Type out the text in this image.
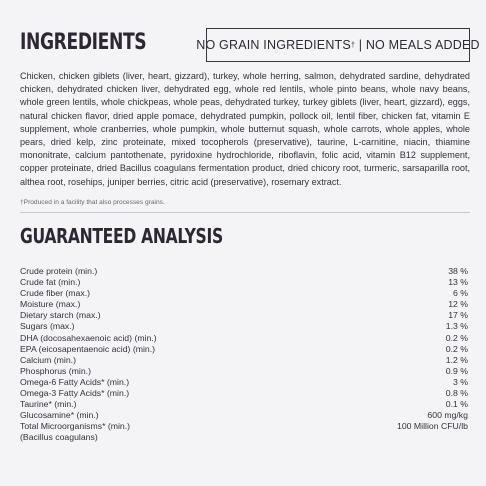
INGREDIENTS	NO GRAIN INGREDIENTS † | NO MEALS ADDED
Chicken, chicken giblets (liver, heart, gizzard), turkey, whole herring, salmon, dehydrated sardine, dehydrated chicken, dehydrated chicken liver, dehydrated egg, whole red lentils, whole pinto beans, whole navy beans, whole green lentils, whole chickpeas, whole peas, dehydrated turkey, turkey giblets (liver, heart, gizzard), eggs, natural chicken flavor, dried apple pomace, dehydrated pumpkin, pollock oil, lentil fiber, chicken fat, vitamin E supplement, whole cranberries, whole pumpkin, whole butternut squash, whole carrots, whole apples, whole pears, dried kelp, zinc proteinate, mixed tocopherols (preservative), taurine, L-carnitine, niacin, thiamine mononitrate, calcium pantothenate, pyridoxine hydrochloride, riboflavin, folic acid, vitamin B12 supplement, copper proteinate, dried Bacillus coagulans fermentation product, dried chicory root, turmeric, sarsaparilla root, althea root, rosehips, juniper berries, citric acid (preservative), rosemary extract.
†Produced in a facility that also processes grains.
GUARANTEED ANALYSIS
Crude protein (min.)	38 %
Crude fat (min.)	13 %
Crude fiber (max.)	6 %
Moisture (max.)	12 %
Dietary starch (max.)	17 %
Sugars (max.)	1.3 %
DHA (docosahexaenoic acid) (min.)	0.2 %
EPA (eicosapentaenoic acid) (min.)	0.2 %
Calcium (min.)	1.2 %
Phosphorus (min.)	0.9 %
Omega-6 Fatty Acids* (min.)	3 %
Omega-3 Fatty Acids* (min.)	0.8 %
Taurine* (min.)	0.1 %
Glucosamine* (min.)	600 mg/kg
Total Microorganisms* (min.)	100 Million CFU/lb
(Bacillus coagulans)
